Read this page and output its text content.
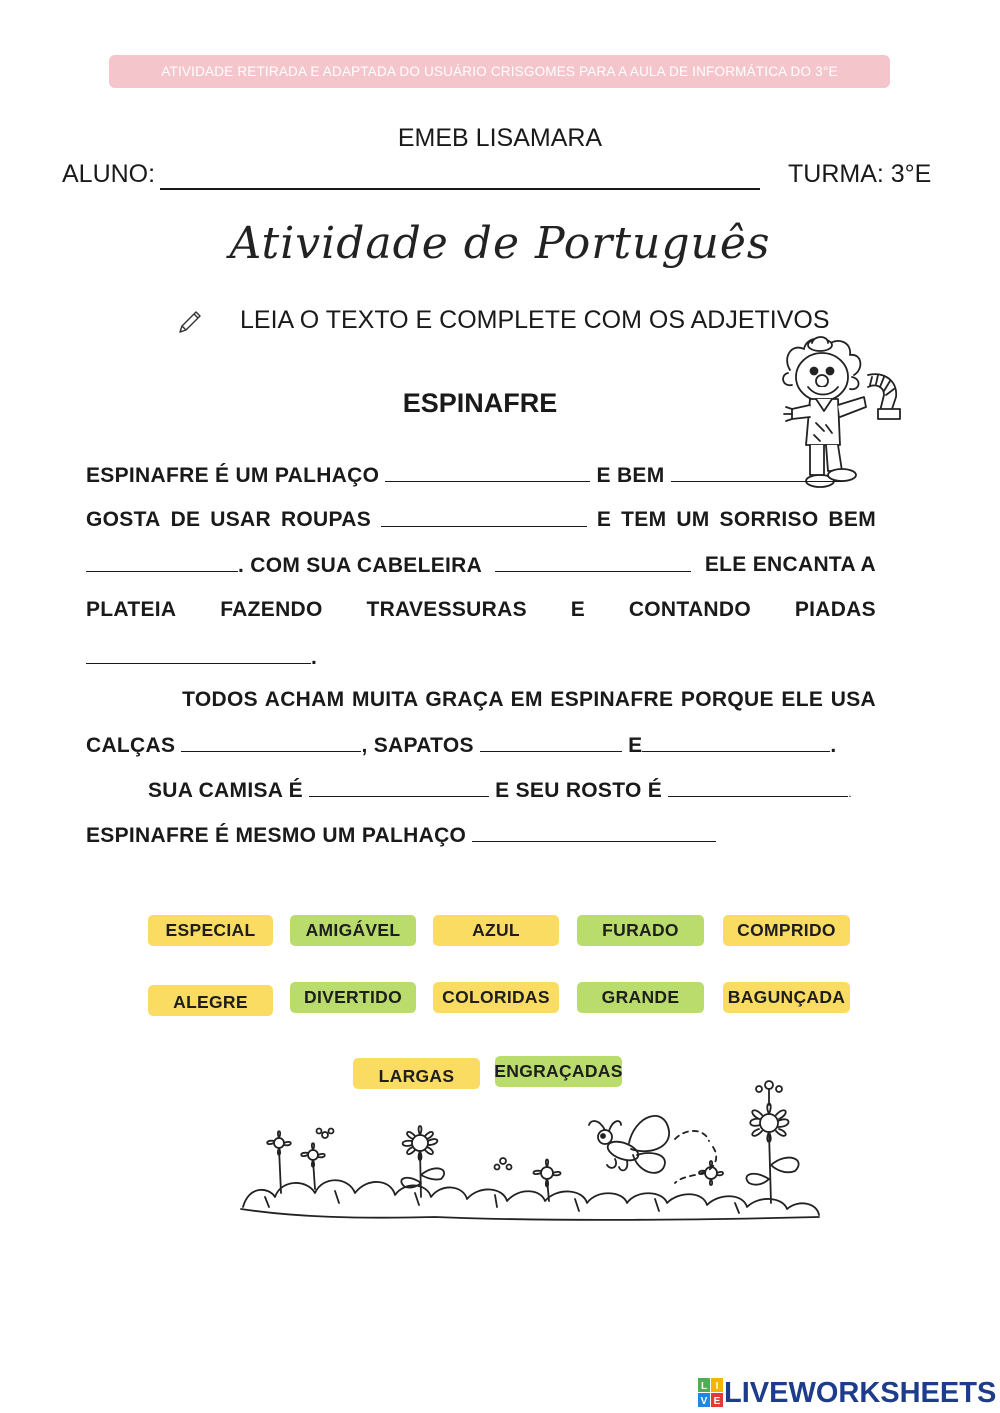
ATIVIDADE RETIRADA E ADAPTADA DO USUÁRIO CRISGOMES PARA A AULA DE INFORMÁTICA DO 3°E
EMEB LISAMARA
ALUNO:	TURMA: 3°E
Atividade de Português
LEIA O TEXTO E COMPLETE COM OS ADJETIVOS
ESPINAFRE
ESPINAFRE É UM PALHAÇO	E BEM
GOSTA DE USAR ROUPAS	E TEM UM SORRISO BEM
. COM SUA CABELEIRA	ELE ENCANTA A
PLATEIA FAZENDO TRAVESSURAS E CONTANDO PIADAS
.
TODOS ACHAM MUITA GRAÇA EM ESPINAFRE PORQUE ELE USA
CALÇAS	, SAPATOS	E	.
SUA CAMISA É	E SEU ROSTO É	.
ESPINAFRE É MESMO UM PALHAÇO
ESPECIAL	AMIGÁVEL	AZUL	FURADO	COMPRIDO
ALEGRE	DIVERTIDO	COLORIDAS	GRANDE	BAGUNÇADA
LARGAS	ENGRAÇADAS
L I
V E LIVEWORKSHEETS
